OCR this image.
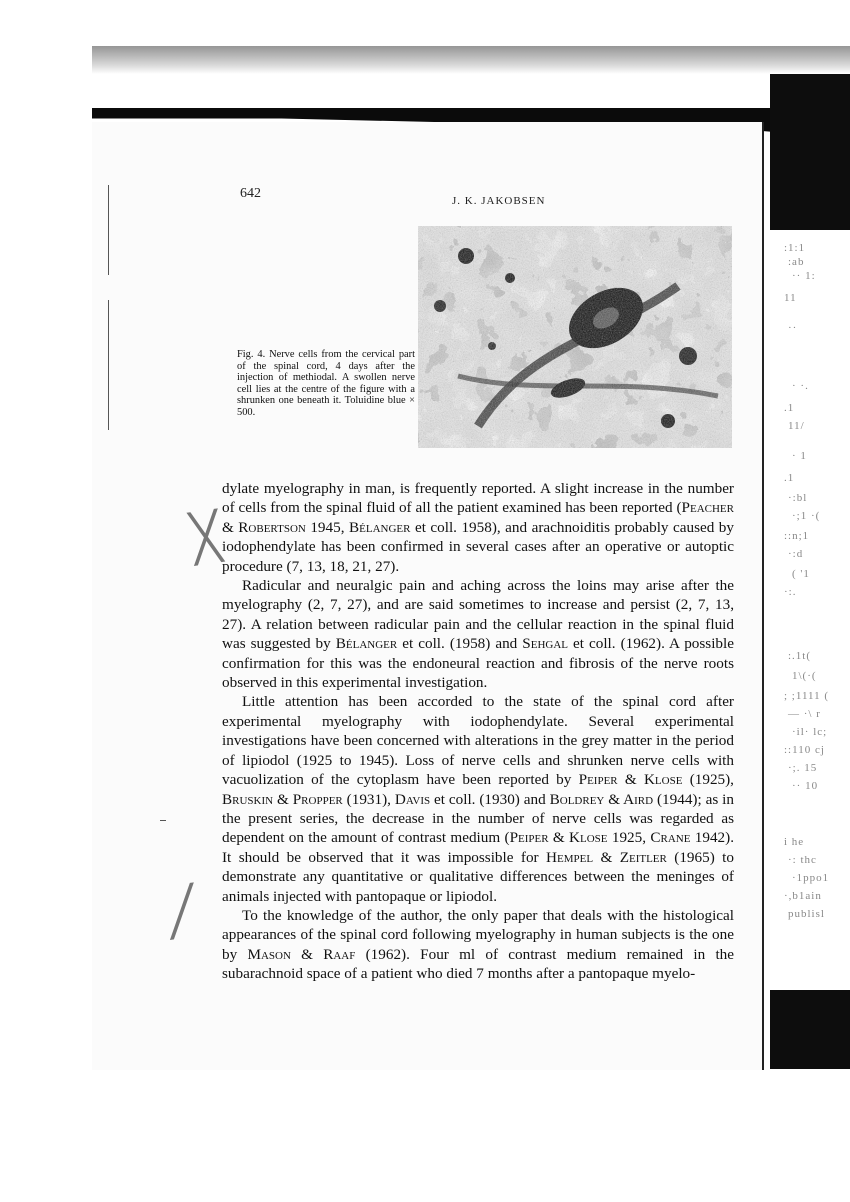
:1:1
:ab
·· 1:
11
··
· ·.
.1
11/
· 1
.1
·:bl
·;1 ·(
::n;1
·:d
( '1
·:.
:.1t(
1\(·(
; ;1111 (
— ·\ r
·il· lc;
::110 cj
·;. 15
·· 10
i he
·: thc
·1ppo1
·,b1ain
publisl
╳
╱
642	J. K. JAKOBSEN
Fig. 4. Nerve cells from the cervical part of the spinal cord, 4 days after the injection of methiodal. A swollen nerve cell lies at the centre of the figure with a shrunken one beneath it. Toluidine blue × 500.

dylate myelography in man, is frequently reported. A slight increase in the number of cells from the spinal fluid of all the patient examined has been reported (Peacher & Robertson 1945, Bélanger et coll. 1958), and arachnoiditis probably caused by iodophendylate has been confirmed in several cases after an operative or autoptic procedure (7, 13, 18, 21, 27).

Radicular and neuralgic pain and aching across the loins may arise after the myelography (2, 7, 27), and are said sometimes to increase and persist (2, 7, 13, 27). A relation between radicular pain and the cellular reaction in the spinal fluid was suggested by Bélanger et coll. (1958) and Sehgal et coll. (1962). A possible confirmation for this was the endoneural reaction and fibrosis of the nerve roots observed in this experimental investigation.

Little attention has been accorded to the state of the spinal cord after experimental myelography with iodophendylate. Several experimental investigations have been concerned with alterations in the grey matter in the period of lipiodol (1925 to 1945). Loss of nerve cells and shrunken nerve cells with vacuolization of the cytoplasm have been reported by Peiper & Klose (1925), Bruskin & Propper (1931), Davis et coll. (1930) and Boldrey & Aird (1944); as in the present series, the decrease in the number of nerve cells was regarded as dependent on the amount of contrast medium (Peiper & Klose 1925, Crane 1942). It should be observed that it was impossible for Hempel & Zeitler (1965) to demonstrate any quantitative or qualitative differences between the meninges of animals injected with pantopaque or lipiodol.

To the knowledge of the author, the only paper that deals with the histological appearances of the spinal cord following myelography in human subjects is the one by Mason & Raaf (1962). Four ml of contrast medium remained in the subarachnoid space of a patient who died 7 months after a pantopaque myelo-
